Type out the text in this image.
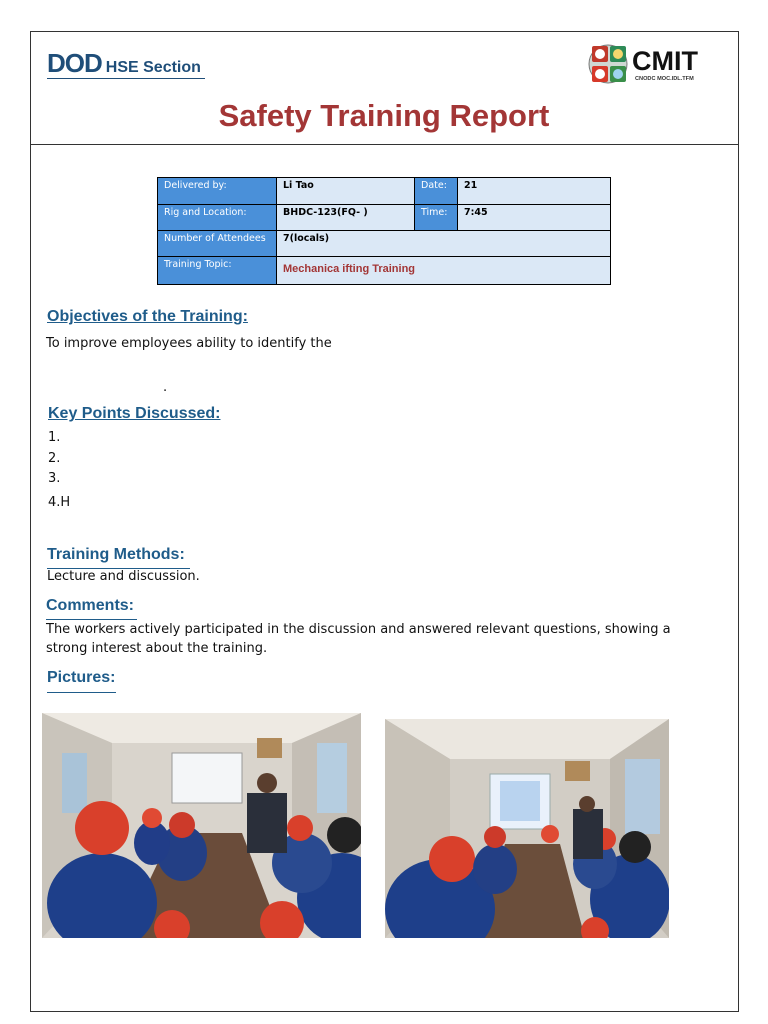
DOD HSE Section	CMIT
CNODC MOC.IDL.TFM
Safety Training Report
Delivered by:	Li Tao	Date:	21
Rig and Location:	BHDC-123(FQ- )	Time:	7:45
Number of Attendees	7(locals)		
Training Topic:	Mechanica ifting Training		
Objectives of the Training:
To improve employees ability to identify the
.
Key Points Discussed:
1.
2.
3.
4.H
Training Methods:
Lecture and discussion.
Comments:
The workers actively participated in the discussion and answered relevant questions, showing a
strong interest about the training.
Pictures:
